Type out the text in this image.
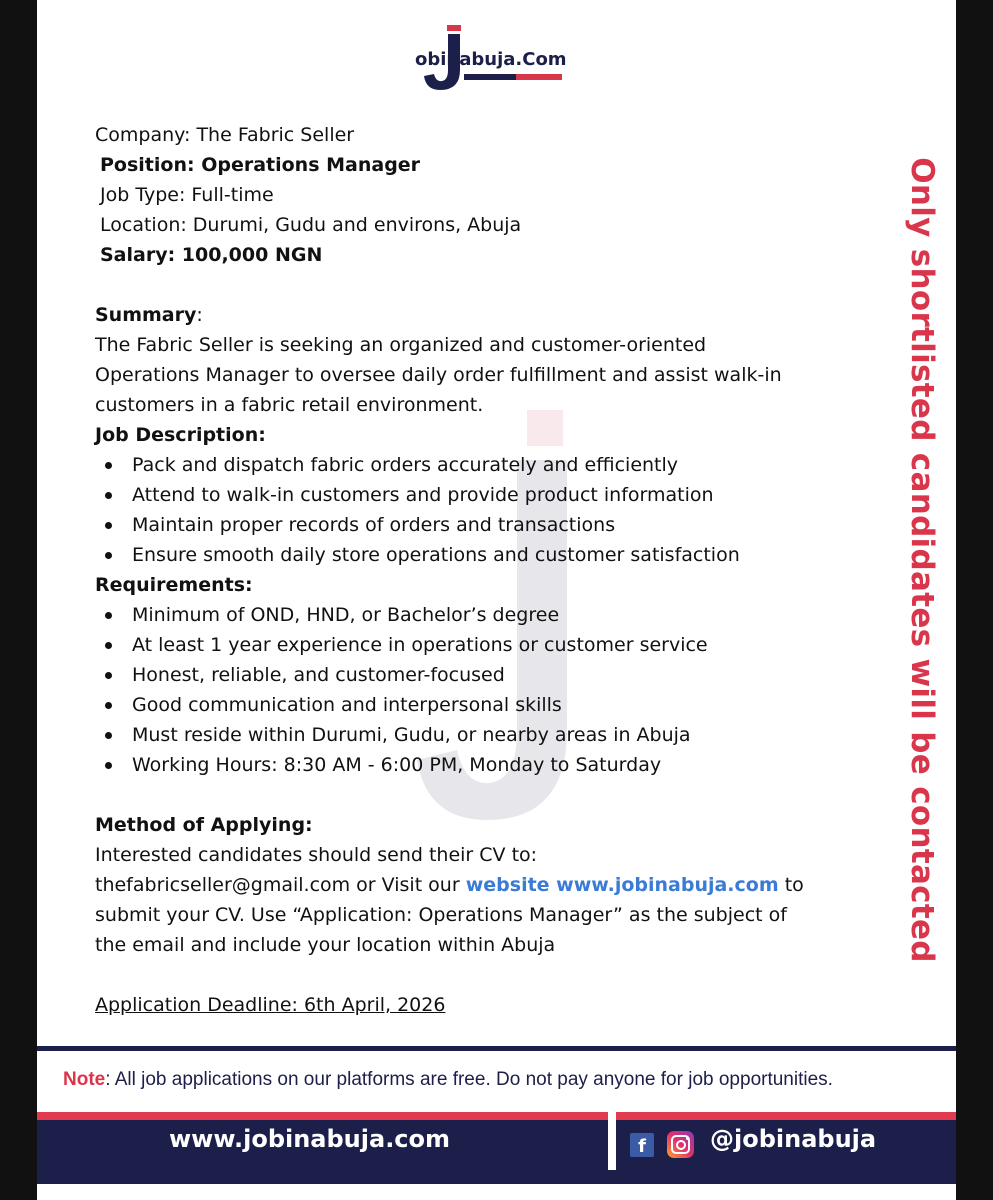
obinabuja.Com
Company: The Fabric Seller
Position: Operations Manager
Job Type: Full-time
Location: Durumi, Gudu and environs, Abuja
Salary: 100,000 NGN
Summary:
The Fabric Seller is seeking an organized and customer-oriented
Operations Manager to oversee daily order fulfillment and assist walk-in
customers in a fabric retail environment.
Job Description:
Pack and dispatch fabric orders accurately and efficiently
Attend to walk-in customers and provide product information
Maintain proper records of orders and transactions
Ensure smooth daily store operations and customer satisfaction
Requirements:
Minimum of OND, HND, or Bachelor’s degree
At least 1 year experience in operations or customer service
Honest, reliable, and customer-focused
Good communication and interpersonal skills
Must reside within Durumi, Gudu, or nearby areas in Abuja
Working Hours: 8:30 AM - 6:00 PM, Monday to Saturday
Method of Applying:
Interested candidates should send their CV to:
thefabricseller@gmail.com or Visit our website www.jobinabuja.com to
submit your CV. Use “Application: Operations Manager” as the subject of
the email and include your location within Abuja
Application Deadline: 6th April, 2026
Only shortlisted candidates will be contacted
Note: All job applications on our platforms are free. Do not pay anyone for job opportunities.
www.jobinabuja.com	f	@jobinabuja
